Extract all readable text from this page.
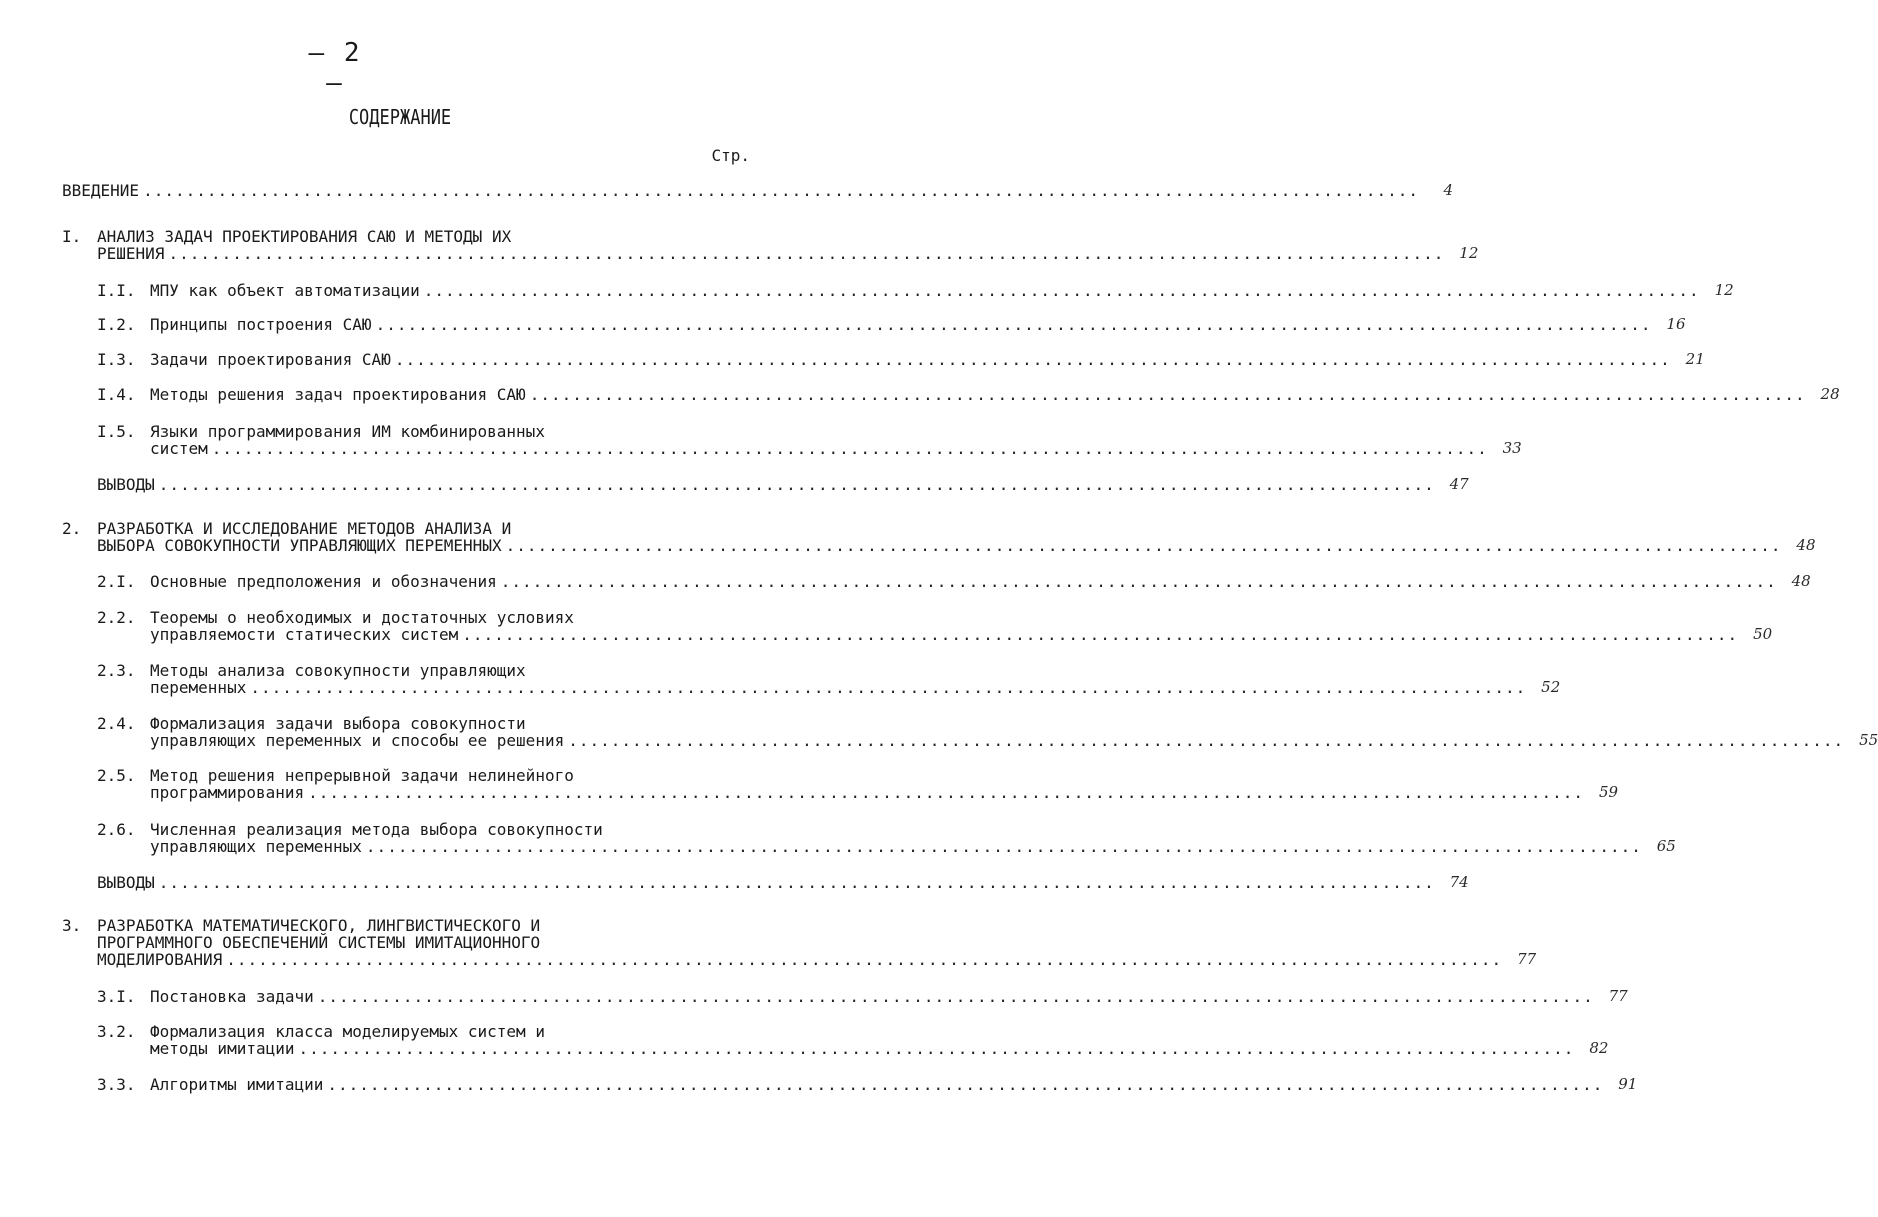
– 2 –
СОДЕРЖАНИЕ
Стр.
ВВЕДЕНИЕ ........................................................................................................................	4
I. АНАЛИЗ ЗАДАЧ ПРОЕКТИРОВАНИЯ САЮ И МЕТОДЫ ИХ
РЕШЕНИЯ ........................................................................................................................ 12
I.I. МПУ как объект автоматизации ........................................................................................................................ 12
I.2. Принципы построения САЮ ........................................................................................................................ 16
I.3. Задачи проектирования САЮ ........................................................................................................................ 21
I.4. Методы решения задач проектирования САЮ ........................................................................................................................ 28
I.5. Языки программирования ИМ комбинированных
систем ........................................................................................................................ 33
ВЫВОДЫ ........................................................................................................................ 47
2. РАЗРАБОТКА И ИССЛЕДОВАНИЕ МЕТОДОВ АНАЛИЗА И
ВЫБОРА СОВОКУПНОСТИ УПРАВЛЯЮЩИХ ПЕРЕМЕННЫХ ........................................................................................................................ 48
2.I. Основные предположения и обозначения ........................................................................................................................ 48
2.2. Теоремы о необходимых и достаточных условиях
управляемости статических систем ........................................................................................................................ 50
2.3. Методы анализа совокупности управляющих
переменных ........................................................................................................................ 52
2.4. Формализация задачи выбора совокупности
управляющих переменных и способы ее решения ........................................................................................................................ 55
2.5. Метод решения непрерывной задачи нелинейного
программирования ........................................................................................................................ 59
2.6. Численная реализация метода выбора совокупности
управляющих переменных ........................................................................................................................ 65
ВЫВОДЫ ........................................................................................................................ 74
3. РАЗРАБОТКА МАТЕМАТИЧЕСКОГО, ЛИНГВИСТИЧЕСКОГО И
ПРОГРАММНОГО ОБЕСПЕЧЕНИЙ СИСТЕМЫ ИМИТАЦИОННОГО
МОДЕЛИРОВАНИЯ ........................................................................................................................ 77
3.I. Постановка задачи ........................................................................................................................ 77
3.2. Формализация класса моделируемых систем и
методы имитации ........................................................................................................................ 82
3.3. Алгоритмы имитации ........................................................................................................................ 91
